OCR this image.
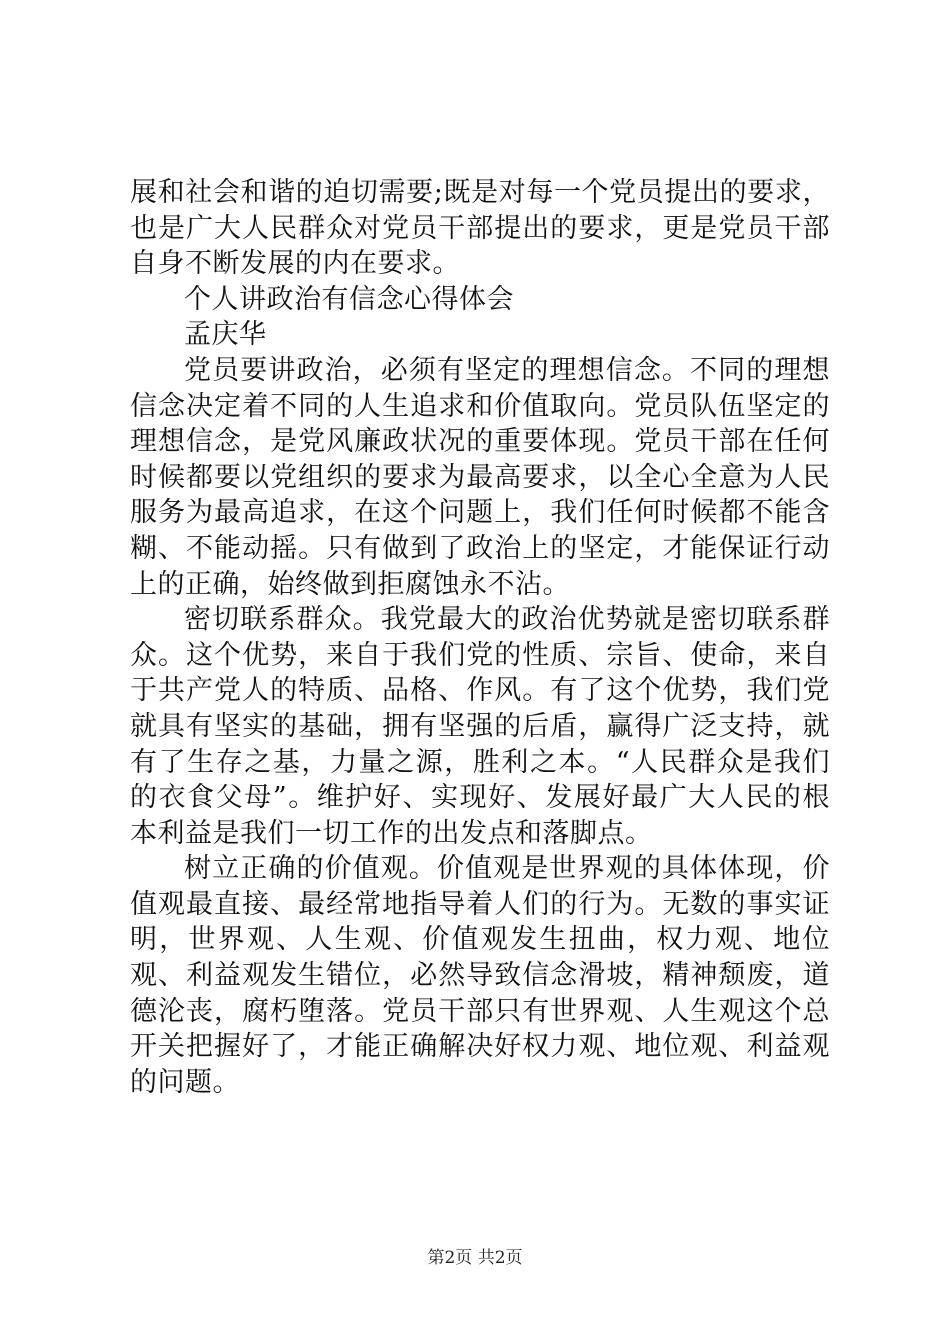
展和社会和谐的迫切需要;既是对每一个党员提出的要求，也是广大人民群众对党员干部提出的要求，更是党员干部自身不断发展的内在要求。

个人讲政治有信念心得体会

孟庆华

党员要讲政治，必须有坚定的理想信念。不同的理想信念决定着不同的人生追求和价值取向。党员队伍坚定的理想信念，是党风廉政状况的重要体现。党员干部在任何时候都要以党组织的要求为最高要求，以全心全意为人民服务为最高追求，在这个问题上，我们任何时候都不能含糊、不能动摇。只有做到了政治上的坚定，才能保证行动上的正确，始终做到拒腐蚀永不沾。

密切联系群众。我党最大的政治优势就是密切联系群众。这个优势，来自于我们党的性质、宗旨、使命，来自于共产党人的特质、品格、作风。有了这个优势，我们党就具有坚实的基础，拥有坚强的后盾，赢得广泛支持，就有了生存之基，力量之源，胜利之本。“人民群众是我们的衣食父母”。维护好、实现好、发展好最广大人民的根本利益是我们一切工作的出发点和落脚点。

树立正确的价值观。价值观是世界观的具体体现，价值观最直接、最经常地指导着人们的行为。无数的事实证明，世界观、人生观、价值观发生扭曲，权力观、地位观、利益观发生错位，必然导致信念滑坡，精神颓废，道德沦丧，腐朽堕落。党员干部只有世界观、人生观这个总开关把握好了，才能正确解决好权力观、地位观、利益观的问题。

第2页 共2页
